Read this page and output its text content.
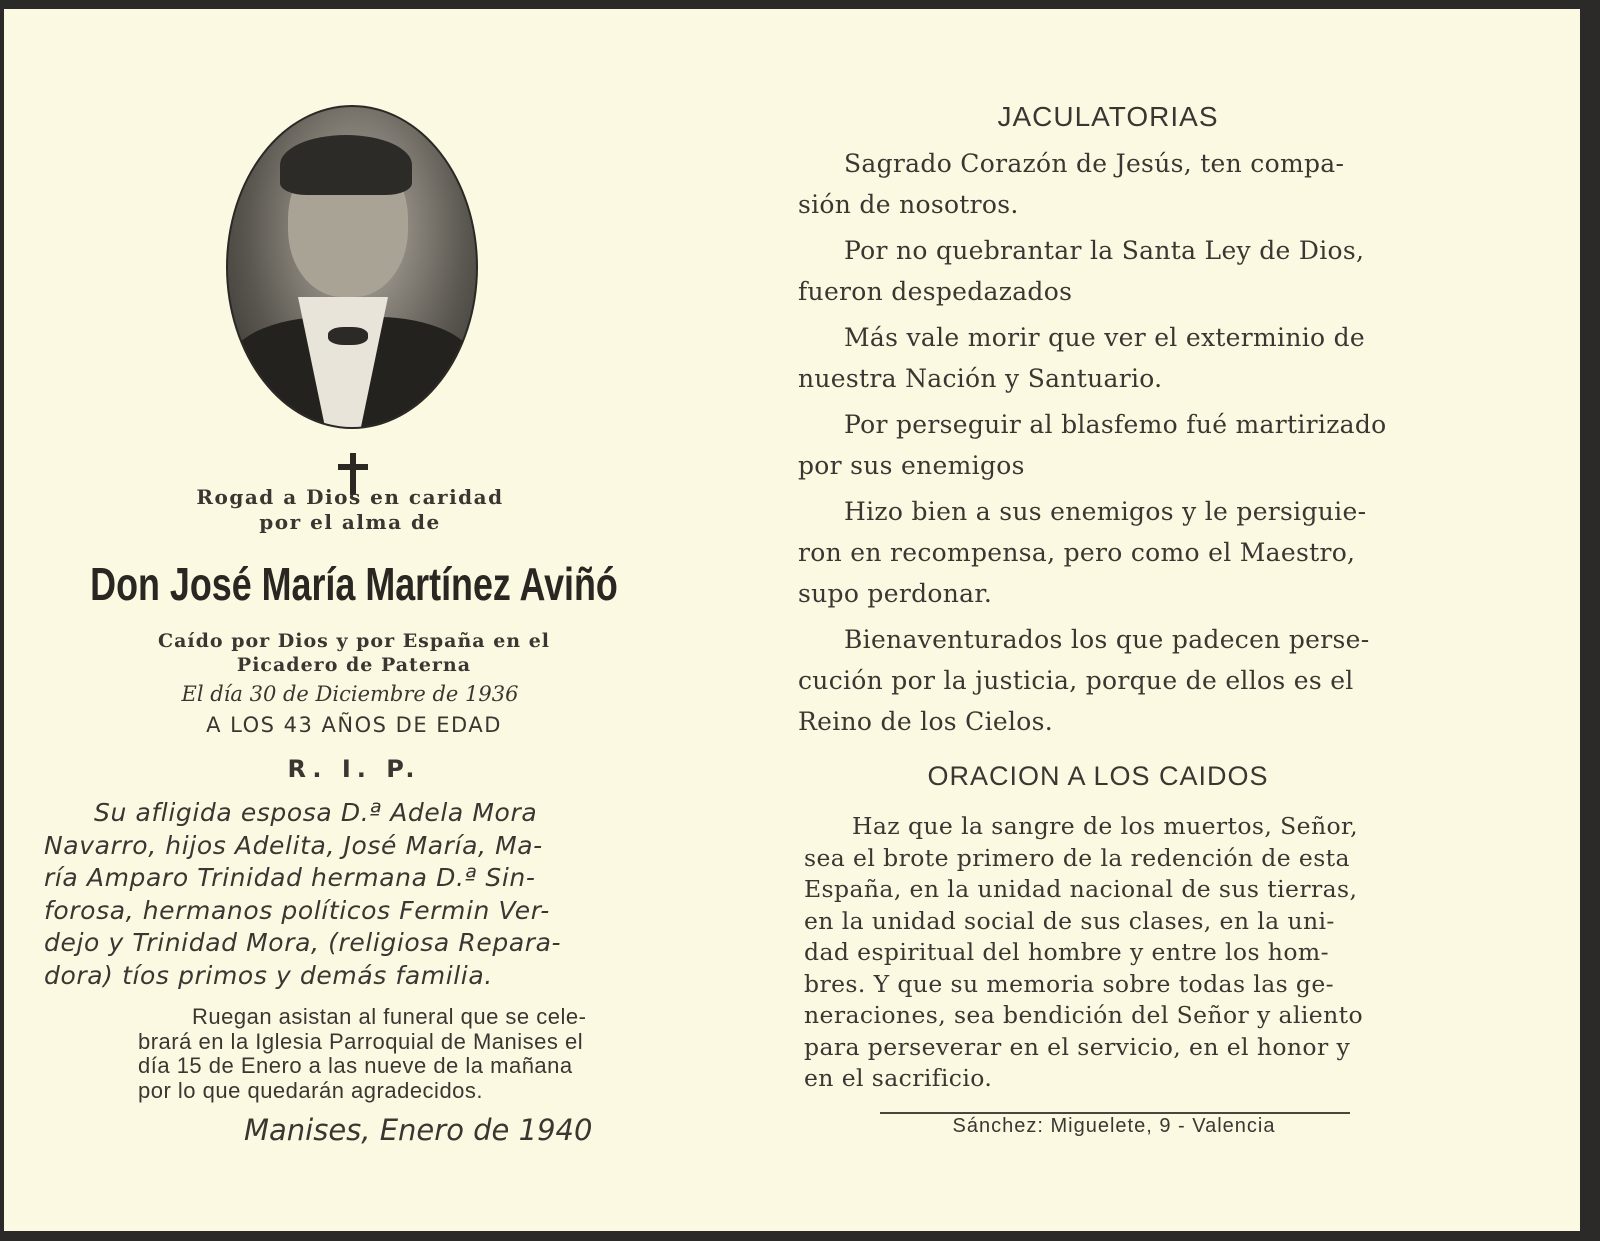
Rogad a Dios en caridad
por el alma de
Don José María Martínez Aviñó
Caído por Dios y por España en el
Picadero de Paterna
El día 30 de Diciembre de 1936
A LOS 43 AÑOS DE EDAD
R. I. P.
Su afligida esposa D.ª Adela Mora
Navarro, hijos Adelita, José María, Ma-
ría Amparo Trinidad hermana D.ª Sin-
forosa, hermanos políticos Fermin Ver-
dejo y Trinidad Mora, (religiosa Repara-
dora) tíos primos y demás familia.
Ruegan asistan al funeral que se cele-
brará en la Iglesia Parroquial de Manises el
día 15 de Enero a las nueve de la mañana
por lo que quedarán agradecidos.
Manises, Enero de 1940
JACULATORIAS
Sagrado Corazón de Jesús, ten compa-
sión de nosotros.
Por no quebrantar la Santa Ley de Dios,
fueron despedazados
Más vale morir que ver el exterminio de
nuestra Nación y Santuario.
Por perseguir al blasfemo fué martirizado
por sus enemigos
Hizo bien a sus enemigos y le persiguie-
ron en recompensa, pero como el Maestro,
supo perdonar.
Bienaventurados los que padecen perse-
cución por la justicia, porque de ellos es el
Reino de los Cielos.
ORACION A LOS CAIDOS
Haz que la sangre de los muertos, Señor,
sea el brote primero de la redención de esta
España, en la unidad nacional de sus tierras,
en la unidad social de sus clases, en la uni-
dad espiritual del hombre y entre los hom-
bres. Y que su memoria sobre todas las ge-
neraciones, sea bendición del Señor y aliento
para perseverar en el servicio, en el honor y
en el sacrificio.
Sánchez: Miguelete, 9 - Valencia
